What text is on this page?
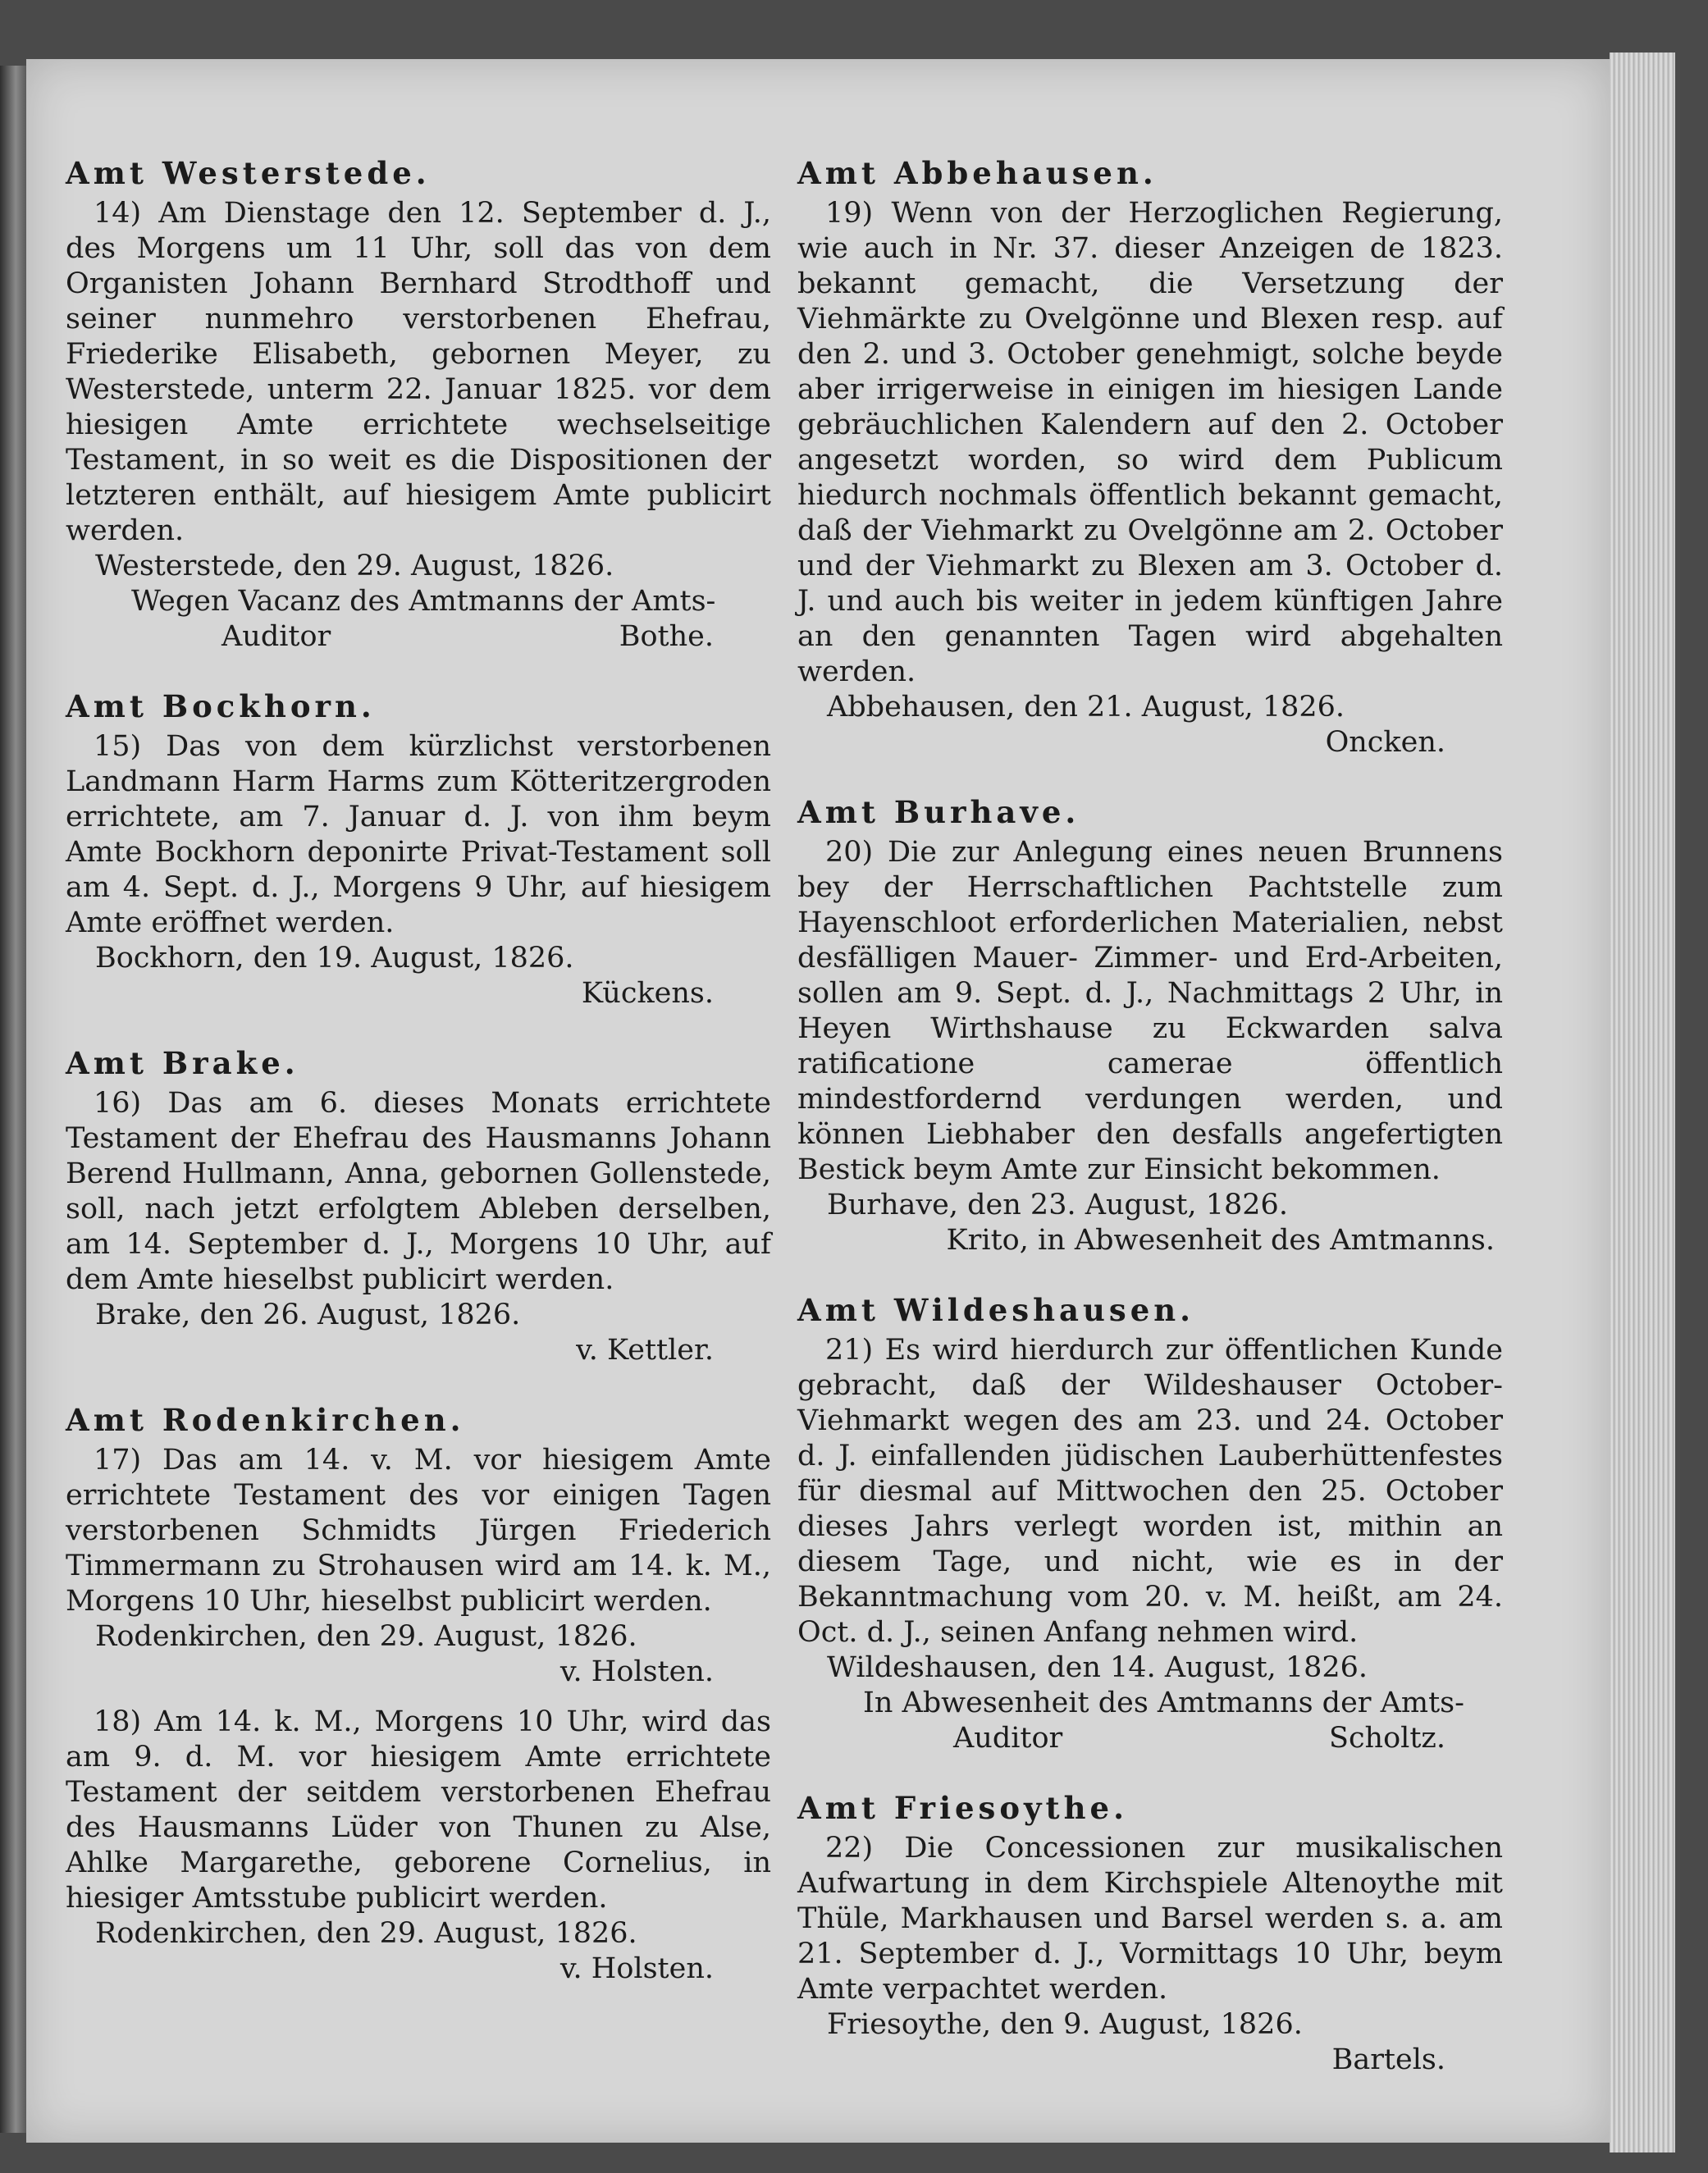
Amt Westerstede.

14) Am Dienstage den 12. September d. J., des Morgens um 11 Uhr, soll das von dem Organisten Johann Bernhard Strodthoff und seiner nunmehro verstorbenen Ehefrau, Friederike Elisabeth, gebornen Meyer, zu Westerstede, unterm 22. Januar 1825. vor dem hiesigen Amte errichtete wechselseitige Testament, in so weit es die Dispositionen der letzteren enthält, auf hiesigem Amte publicirt werden.

Westerstede, den 29. August, 1826.

Wegen Vacanz des Amtmanns der Amts-

Auditor	Bothe.

Amt Bockhorn.

15) Das von dem kürzlichst verstorbenen Landmann Harm Harms zum Kötteritzergroden errichtete, am 7. Januar d. J. von ihm beym Amte Bockhorn deponirte Privat-Testament soll am 4. Sept. d. J., Morgens 9 Uhr, auf hiesigem Amte eröffnet werden.

Bockhorn, den 19. August, 1826.

Kückens.

Amt Brake.

16) Das am 6. dieses Monats errichtete Testament der Ehefrau des Hausmanns Johann Berend Hullmann, Anna, gebornen Gollenstede, soll, nach jetzt erfolgtem Ableben derselben, am 14. September d. J., Morgens 10 Uhr, auf dem Amte hieselbst publicirt werden.

Brake, den 26. August, 1826.

v. Kettler.

Amt Rodenkirchen.

17) Das am 14. v. M. vor hiesigem Amte errichtete Testament des vor einigen Tagen verstorbenen Schmidts Jürgen Friederich Timmermann zu Strohausen wird am 14. k. M., Morgens 10 Uhr, hieselbst publicirt werden.

Rodenkirchen, den 29. August, 1826.

v. Holsten.

18) Am 14. k. M., Morgens 10 Uhr, wird das am 9. d. M. vor hiesigem Amte errichtete Testament der seitdem verstorbenen Ehefrau des Hausmanns Lüder von Thunen zu Alse, Ahlke Margarethe, geborene Cornelius, in hiesiger Amtsstube publicirt werden.

Rodenkirchen, den 29. August, 1826.

v. Holsten.

Amt Abbehausen.

19) Wenn von der Herzoglichen Regierung, wie auch in Nr. 37. dieser Anzeigen de 1823. bekannt gemacht, die Versetzung der Viehmärkte zu Ovelgönne und Blexen resp. auf den 2. und 3. October genehmigt, solche beyde aber irrigerweise in einigen im hiesigen Lande gebräuchlichen Kalendern auf den 2. October angesetzt worden, so wird dem Publicum hiedurch nochmals öffentlich bekannt gemacht, daß der Viehmarkt zu Ovelgönne am 2. October und der Viehmarkt zu Blexen am 3. October d. J. und auch bis weiter in jedem künftigen Jahre an den genannten Tagen wird abgehalten werden.

Abbehausen, den 21. August, 1826.

Oncken.

Amt Burhave.

20) Die zur Anlegung eines neuen Brunnens bey der Herrschaftlichen Pachtstelle zum Hayenschloot erforderlichen Materialien, nebst desfälligen Mauer- Zimmer- und Erd-Arbeiten, sollen am 9. Sept. d. J., Nachmittags 2 Uhr, in Heyen Wirthshause zu Eckwarden salva ratificatione camerae öffentlich mindestfordernd verdungen werden, und können Liebhaber den desfalls angefertigten Bestick beym Amte zur Einsicht bekommen.

Burhave, den 23. August, 1826.

Krito, in Abwesenheit des Amtmanns.

Amt Wildeshausen.

21) Es wird hierdurch zur öffentlichen Kunde gebracht, daß der Wildeshauser October-Viehmarkt wegen des am 23. und 24. October d. J. einfallenden jüdischen Lauberhüttenfestes für diesmal auf Mittwochen den 25. October dieses Jahrs verlegt worden ist, mithin an diesem Tage, und nicht, wie es in der Bekanntmachung vom 20. v. M. heißt, am 24. Oct. d. J., seinen Anfang nehmen wird.

Wildeshausen, den 14. August, 1826.

In Abwesenheit des Amtmanns der Amts-

Auditor	Scholtz.

Amt Friesoythe.

22) Die Concessionen zur musikalischen Aufwartung in dem Kirchspiele Altenoythe mit Thüle, Markhausen und Barsel werden s. a. am 21. September d. J., Vormittags 10 Uhr, beym Amte verpachtet werden.

Friesoythe, den 9. August, 1826.

Bartels.
